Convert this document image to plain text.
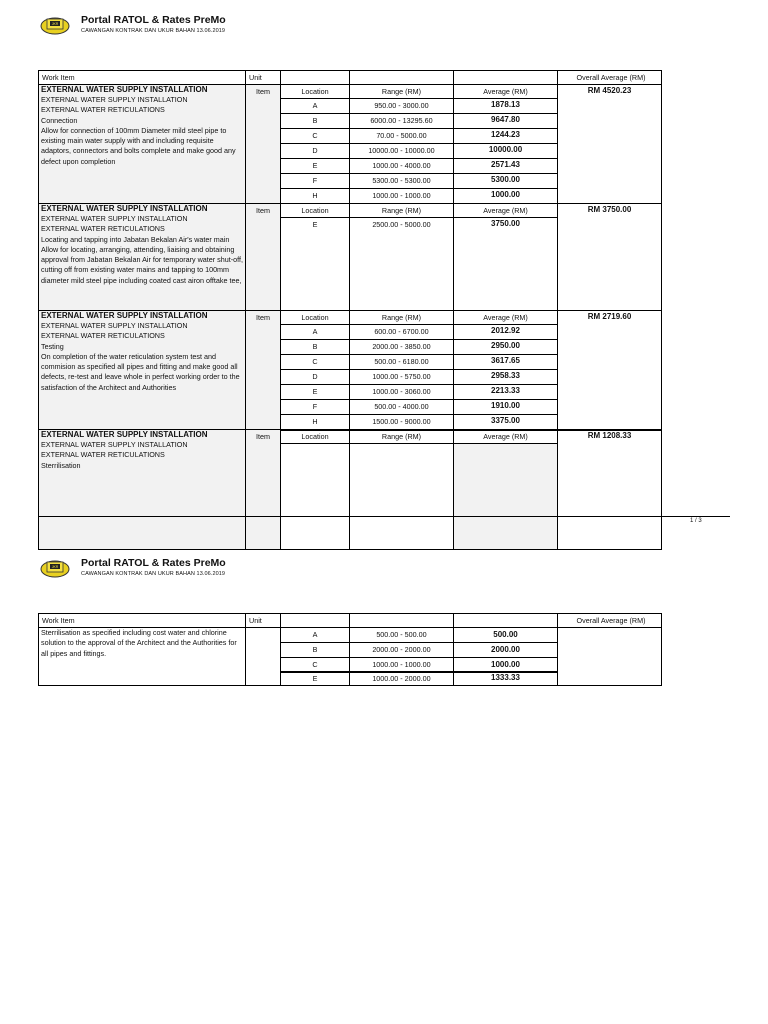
JKR Portal RATOL & Rates PreMo
CAWANGAN KONTRAK DAN UKUR BAHAN 13.06.2019
Work Item	Unit	Overall Average (RM)
EXTERNAL WATER SUPPLY INSTALLATION
EXTERNAL WATER SUPPLY INSTALLATION
EXTERNAL WATER RETICULATIONS
Connection
Allow for connection of 100mm Diameter mild steel pipe to existing main water supply with and including requisite adaptors, connectors and bolts complete and make good any defect upon completion
Item	RM 4520.23
Location	Range (RM)	Average (RM)
A	950.00 - 3000.00	1878.13
B	6000.00 - 13295.60	9647.80
C	70.00 - 5000.00	1244.23
D	10000.00 - 10000.00	10000.00
E	1000.00 - 4000.00	2571.43
F	5300.00 - 5300.00	5300.00
H	1000.00 - 1000.00	1000.00
EXTERNAL WATER SUPPLY INSTALLATION
EXTERNAL WATER SUPPLY INSTALLATION
EXTERNAL WATER RETICULATIONS
Locating and tapping into Jabatan Bekalan Air's water main
Allow for locating, arranging, attending, liaising and obtaining approval from Jabatan Bekalan Air for temporary water shut-off, cutting off from existing water mains and tapping to 100mm diameter mild steel pipe including coated cast airon offtake tee,
Item	RM 3750.00
Location	Range (RM)	Average (RM)
E	2500.00 - 5000.00	3750.00
EXTERNAL WATER SUPPLY INSTALLATION
EXTERNAL WATER SUPPLY INSTALLATION
EXTERNAL WATER RETICULATIONS
Testing
On completion of the water reticulation system test and commision as specified all pipes and fitting and make good all defects, re-test and leave whole in perfect working order to the satisfaction of the Architect and Authorities
Item	RM 2719.60
Location	Range (RM)	Average (RM)
A	600.00 - 6700.00	2012.92
B	2000.00 - 3850.00	2950.00
C	500.00 - 6180.00	3617.65
D	1000.00 - 5750.00	2958.33
E	1000.00 - 3060.00	2213.33
F	500.00 - 4000.00	1910.00
H	1500.00 - 9000.00	3375.00
EXTERNAL WATER SUPPLY INSTALLATION
EXTERNAL WATER SUPPLY INSTALLATION
EXTERNAL WATER RETICULATIONS
Sterrilisation
Item	RM 1208.33
Location	Range (RM)	Average (RM)
1 / 3
JKR Portal RATOL & Rates PreMo
CAWANGAN KONTRAK DAN UKUR BAHAN 13.06.2019
Work Item	Unit	Overall Average (RM)
Sterrilisation as specified including cost water and chlorine solution to the approval of the Architect and the Authorities for all pipes and fittings.
A	500.00 - 500.00	500.00
B	2000.00 - 2000.00	2000.00
C	1000.00 - 1000.00	1000.00
E	1000.00 - 2000.00	1333.33
